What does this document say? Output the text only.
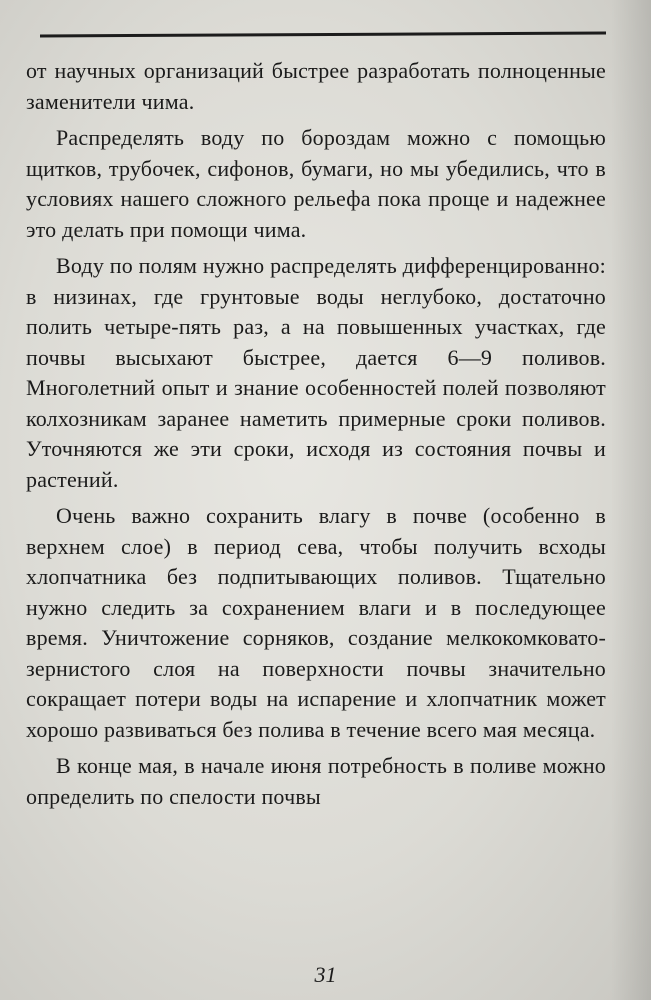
от научных организаций быстрее разработать полноценные заменители чима.

Распределять воду по бороздам можно с помощью щитков, трубочек, сифонов, бумаги, но мы убедились, что в условиях нашего сложного рельефа пока проще и надежнее это делать при помощи чима.

Воду по полям нужно распределять дифференцированно: в низинах, где грунтовые воды неглубоко, достаточно полить четыре-пять раз, а на повышенных участках, где почвы высыхают быстрее, дается 6—9 поливов. Многолетний опыт и знание особенностей полей позволяют колхозникам заранее наметить примерные сроки поливов. Уточняются же эти сроки, исходя из состояния почвы и растений.

Очень важно сохранить влагу в почве (особенно в верхнем слое) в период сева, чтобы получить всходы хлопчатника без подпитывающих поливов. Тщательно нужно следить за сохранением влаги и в последующее время. Уничтожение сорняков, создание мелкокомковато-зернистого слоя на поверхности почвы значительно сокращает потери воды на испарение и хлопчатник может хорошо развиваться без полива в течение всего мая месяца.

В конце мая, в начале июня потребность в поливе можно определить по спелости почвы

31
